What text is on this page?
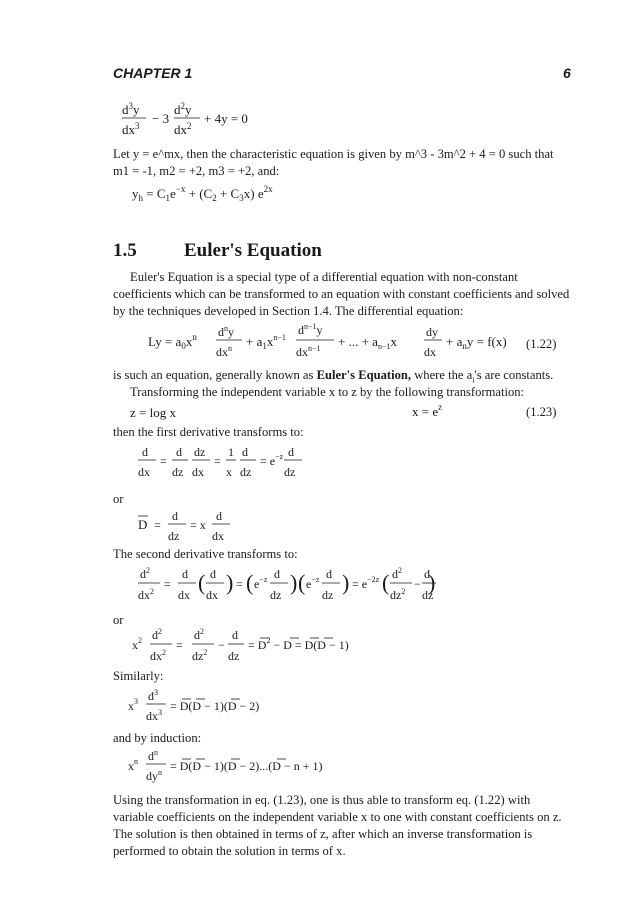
CHAPTER 1	6
$d^3y$
$dx^3 - 3$
$d^2y$
$dx^2 + 4y = 0$
Let y = e^mx, then the characteristic equation is given by m^3 - 3m^2 + 4 = 0 such that
m1 = -1, m2 = +2, m3 = +2, and:
$y_h = C_1e^{-x} + (C_2 + C_3x)$ $e^{2x}$
1.5 Euler's Equation
Euler's Equation is a special type of a differential equation with non-constant
coefficients which can be transformed to an equation with constant coefficients and solved
by the techniques developed in Section 1.4. The differential equation:
$Ly = a_0x^n$ $d^ny$
$dx^n + a_1x^{n-1}$
$d^{n-1}y$
$dx^{n-1}$ + ... + $a_{n-1}x$
dy
dx
+ $a_ny = f(x)$ (1.22)
is such an equation, generally known as Euler's Equation, where the $a_i's$ are constants.
Transforming the independent variable x to z by the following transformation:
z = log x	$x = e^z$	(1.23)
then the first derivative transforms to:
d
dx
=
d
dz
dz
dx
=
1
x
d
dz
= $e^{-z}$ d
dz
or
D =
d
dz
= x
d
dx
The second derivative transforms to:
$d^2$
$dx^2$
=
d
dx ( d
dx ) = ( $e^{-z}$ d
dz ) ( $e^{-z}$ d
dz ) = $e^{-2z}$ ( $d^2$
$dz^2$
−
d
dz
)
or
$x^2$ $d^2$
$dx^2$
=
$d^2$
$dz^2$
−
d
dz
= $D^2 - D = D(D - 1)$
Similarly:
$x^3$ $d^3$
$dx^3 = D(D - 1)(D - 2)$
and by induction:
$x^n$ $d^n$
$dy^n = D(D - 1)(D - 2)...(D - n + 1)$
Using the transformation in eq. (1.23), one is thus able to transform eq. (1.22) with
variable coefficients on the independent variable x to one with constant coefficients on z.
The solution is then obtained in terms of z, after which an inverse transformation is
performed to obtain the solution in terms of x.
